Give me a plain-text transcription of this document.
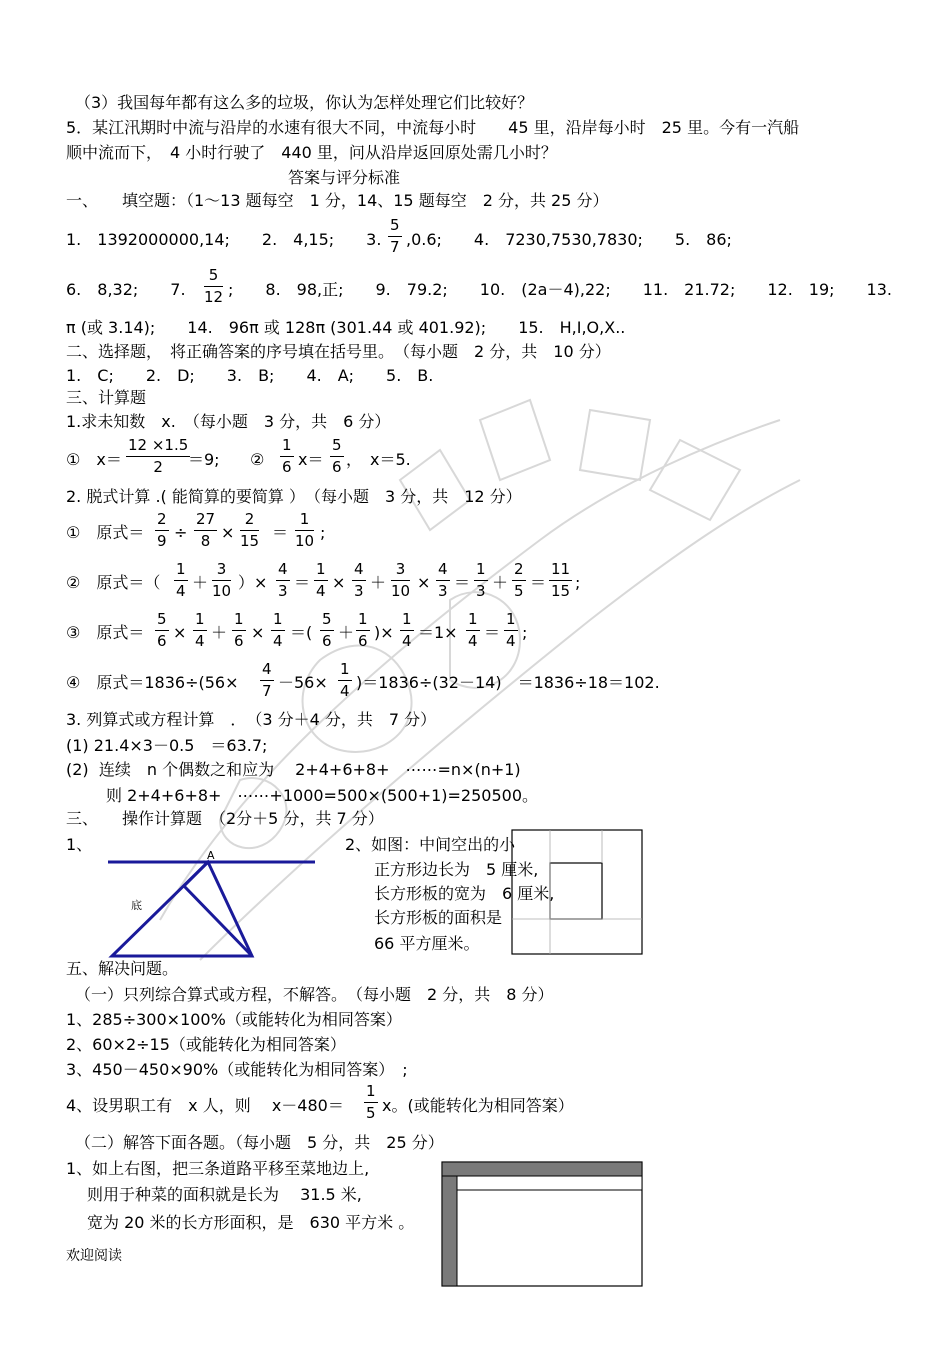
（3）我国每年都有这么多的垃圾，你认为怎样处理它们比较好？
5．某江汛期时中流与沿岸的水速有很大不同，中流每小时　　45 里，沿岸每小时　25 里。今有一汽船
顺中流而下，　4 小时行驶了　440 里，问从沿岸返回原处需几小时？
答案与评分标准
一、　　填空题：（1～13 题每空　1 分，14、15 题每空　2 分，共 25 分）
1.　1392000000,14;　　2.　4,15;　　3. $\frac{5}{7} ,0.6$;　　4.　7230,7530,7830;　　5.　86;
6.　8,32;　　7. $\frac{5}{12}$ ;　　8.　98,正;　　9.　79.2;　　10.　(2a－4),22;　　11.　21.72;　　12.　19;　　13.
π (或 3.14);　　14.　96π 或 128π (301.44 或 401.92);　　15.　H,I,O,X..
二、选择题，　将正确答案的序号填在括号里。　（每小题　2 分，共　10 分）
1.　C;　　2.　D;　　3.　B;　　4.　A;　　5.　B.
三、计算题
1.求未知数　x.　（每小题　3 分，共　6 分）
①　$x= \frac{12 \times 1.5}{2}$
＝9; ② $\frac{1}{6} x= \frac{5}{6}$ ，　x＝5.
2. 脱式计算 .( 能简算的要简算 ）　（每小题　3 分，共　12 分）
①　原式＝ $\frac{2}{9} \div \frac{27}{8} \times \frac{2}{15} = \frac{1}{10}$ ;
②　原式＝（ $\frac{1}{4} + \frac{3}{10}$ ）× $\frac{4}{3} = \frac{1}{4} \times \frac{4}{3} + \frac{3}{10} \times \frac{4}{3} = \frac{1}{3} + \frac{2}{5} = \frac{11}{15}$ ;
③　原式＝ $\frac{5}{6} \times \frac{1}{4} + \frac{1}{6} \times \frac{1}{4}$ ＝( $\frac{5}{6} + \frac{1}{6}$ )× $\frac{1}{4} =1\times \frac{1}{4} = \frac{1}{4}$ ;
④　原式$=1836\div(56\times \frac{4}{7} -56\times \frac{1}{4} )=1836\div(32-14)$　＝1836÷18＝102.
3. 列算式或方程计算　．　（3 分＋4 分，共　7 分）
(1) 21.4×3－0.5　＝63.7;
(2)  连续　n 个偶数之和应为　 2+4+6+8+　⋯⋯=n×(n+1)
则 2+4+6+8+　⋯⋯+1000=500×(500+1)=250500。
三、　　操作计算题　（2分＋5 分，共 7 分）
1、
A
底
2、如图：中间空出的小
正方形边长为　5 厘米,
长方形板的宽为　6 厘米,
长方形板的面积是
66 平方厘米。
五、解决问题。
（一）只列综合算式或方程，不解答。　（每小题　2 分，共　8 分）
1、285÷300×100%（或能转化为相同答案）
2、60×2÷15（或能转化为相同答案）
3、450－450×90%（或能转化为相同答案）　;
4、设男职工有　x 人，则　 $x-480= \frac{1}{5}$ x。(或能转化为相同答案）
（二）解答下面各题。（每小题　5 分，共　25 分）
1、如上右图，把三条道路平移至菜地边上,
则用于种菜的面积就是长为　 31.5 米,
宽为 20 米的长方形面积，是　630 平方米 。
欢迎阅读
